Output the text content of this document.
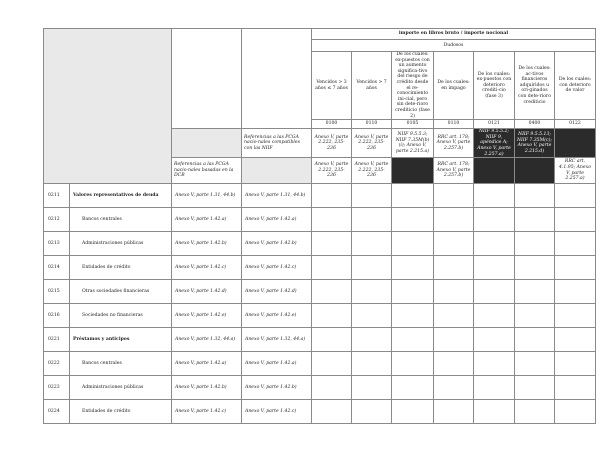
				importe en libros bruto / importe nocional						
				Dudosos						
				Vencidos > 3 años ≤ 7 años	Vencidos > 7 años	De los cuales: ex-puestos con un aumento significa-tivo del riesgo de crédito desde el re-conocimiento ini-cial, pero sin dete-rioro crediticio (fase 2)	De los cuales: en impago	De los cuales: ex-puestos con deterioro crediti-cio (fase 3)	De los cuales: ac-tivos financieros adquiridos u ori-ginados con dete-rioro crediticio	De los cuales: con deterioro de valor
				0100	0110	0105	0110	0121	0400	0122
			Referencias a las PCGA nacio-nales compatibles con las NIIF	Anexo V, parte 2.222, 235-236	Anexo V, parte 2.222, 235-236	NIIF 9.5.5.3; NIIF 7.35M(b)(i); Anexo V, parte 2.215.a)	RRC art. 178; Anexo V, parte 2.257.b)	NIIF 9.5.5.2; NIIF 9, apéndice A; Anexo V, parte 2.257.a)	NIIF 9.5.5.13; NIIF 7.35M(c); Anexo V, parte 2.215.d)	
		Referencias a las PCGA nacio-nales basadas en la DCB		Anexo V, parte 2.222, 235-236	Anexo V, parte 2.222, 235-236		RRC art. 178; Anexo V, parte 2.257.b)			RRC art. 4.1.95; Anexo V, parte 2.257.a)
0211	Valores representativos de deuda	Anexo V, parte 1.31, 44.b)	Anexo V, parte 1.31, 44.b)							
0212	Bancos centrales	Anexo V, parte 1.42.a)	Anexo V, parte 1.42.a)							
0213	Administraciones públicas	Anexo V, parte 1.42.b)	Anexo V, parte 1.42.b)							
0214	Entidades de crédito	Anexo V, parte 1.42.c)	Anexo V, parte 1.42.c)							
0215	Otras sociedades financieras	Anexo V, parte 1.42.d)	Anexo V, parte 1.42.d)							
0216	Sociedades no financieras	Anexo V, parte 1.42.e)	Anexo V, parte 1.42.e)							
0221	Préstamos y anticipos	Anexo V, parte 1.32, 44.a)	Anexo V, parte 1.32, 44.a)							
0222	Bancos centrales	Anexo V, parte 1.42.a)	Anexo V, parte 1.42.a)							
0223	Administraciones públicas	Anexo V, parte 1.42.b)	Anexo V, parte 1.42.b)							
0224	Entidades de crédito	Anexo V, parte 1.42.c)	Anexo V, parte 1.42.c)							
